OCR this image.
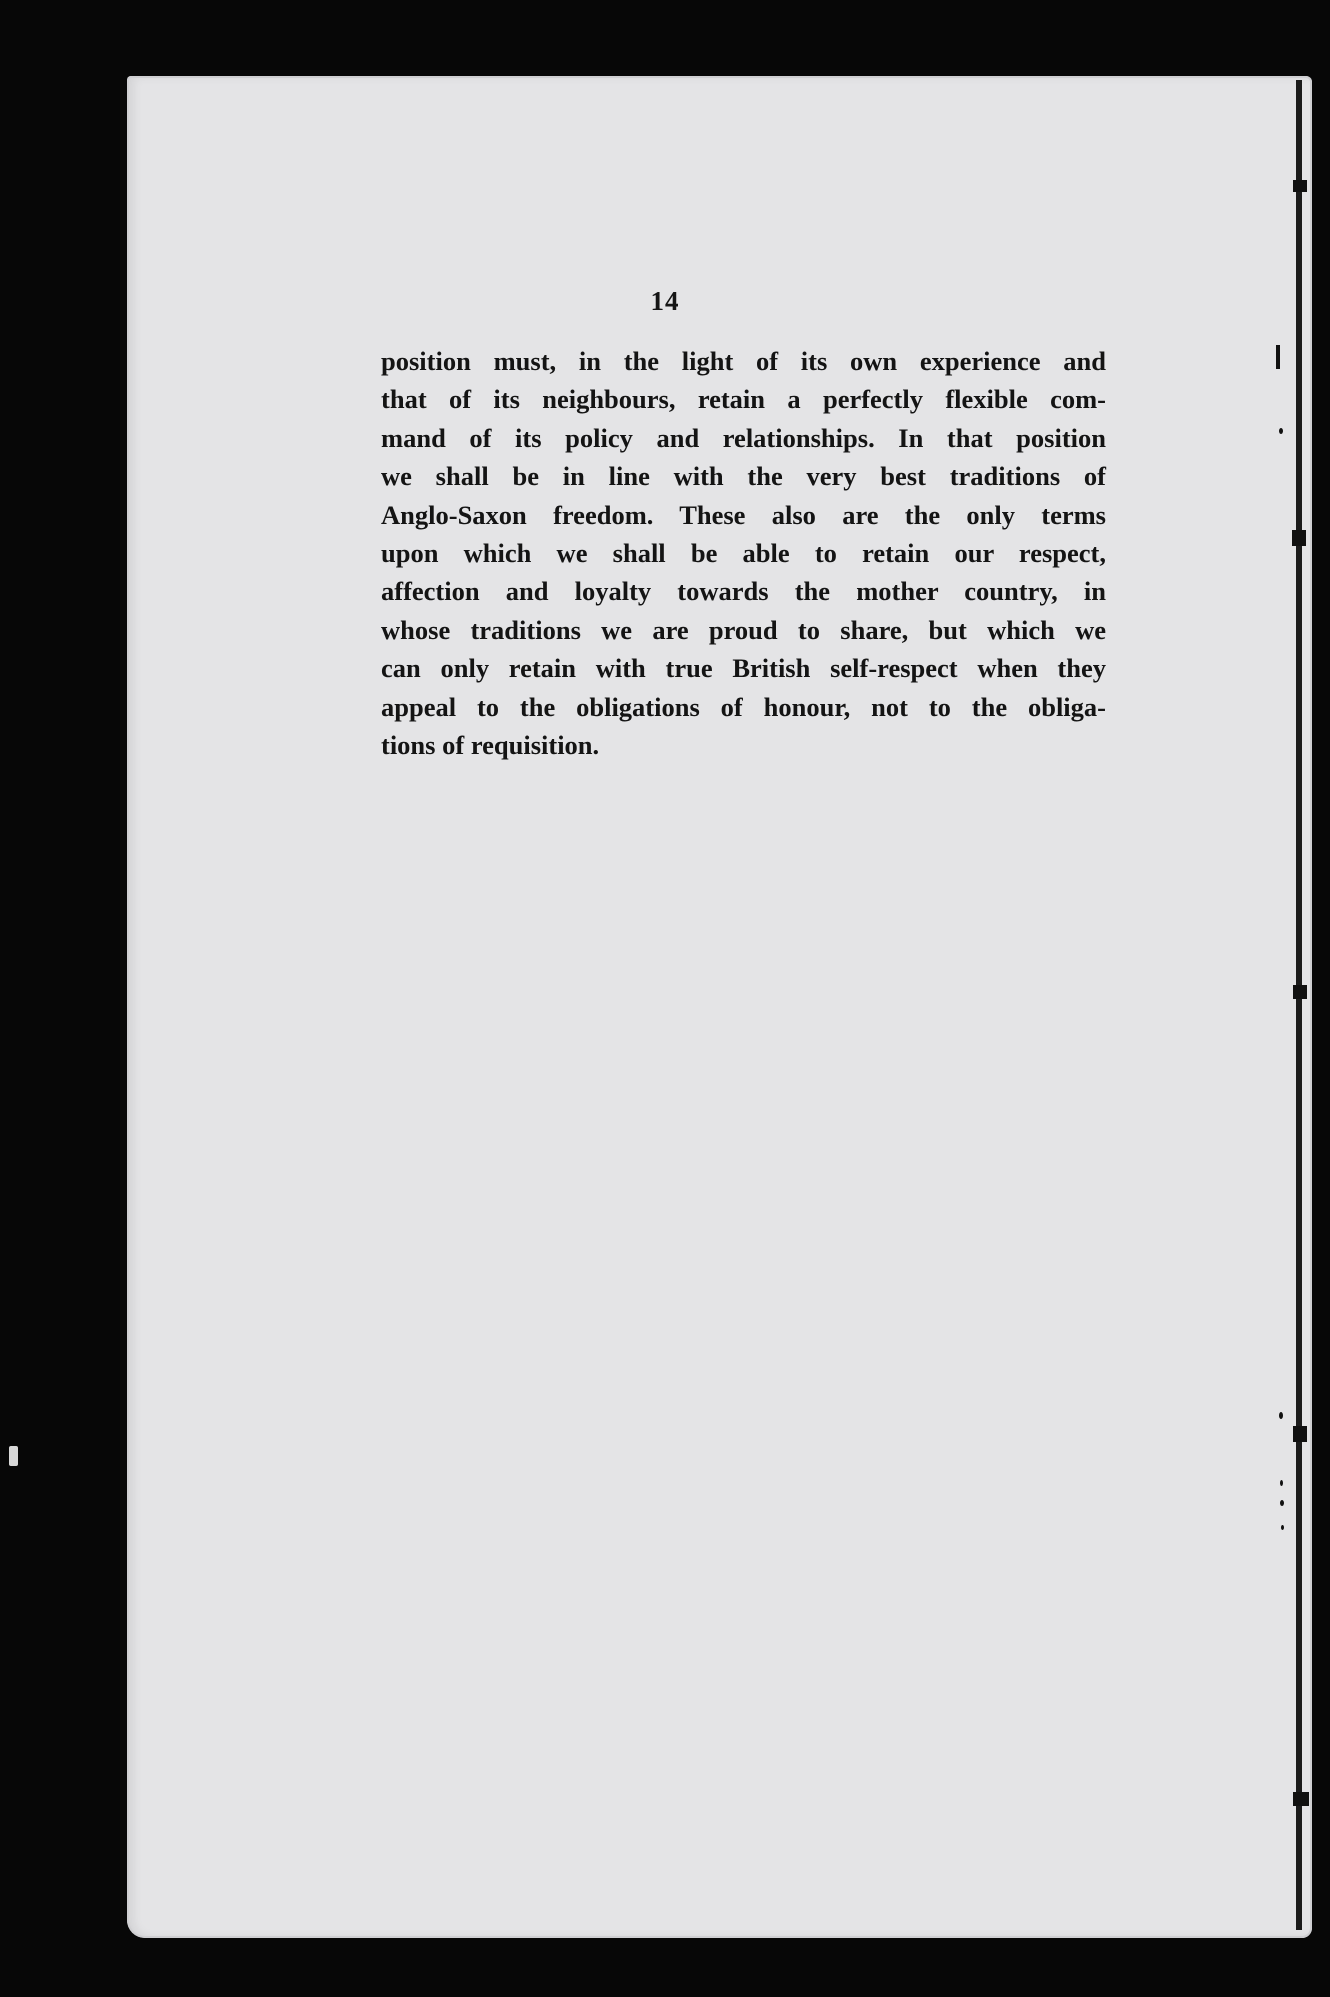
14
position must, in the light of its own experience and
that of its neighbours, retain a perfectly flexible com-
mand of its policy and relationships. In that position
we shall be in line with the very best traditions of
Anglo-Saxon freedom. These also are the only terms
upon which we shall be able to retain our respect,
affection and loyalty towards the mother country, in
whose traditions we are proud to share, but which we
can only retain with true British self-respect when they
appeal to the obligations of honour, not to the obliga-
tions of requisition.
